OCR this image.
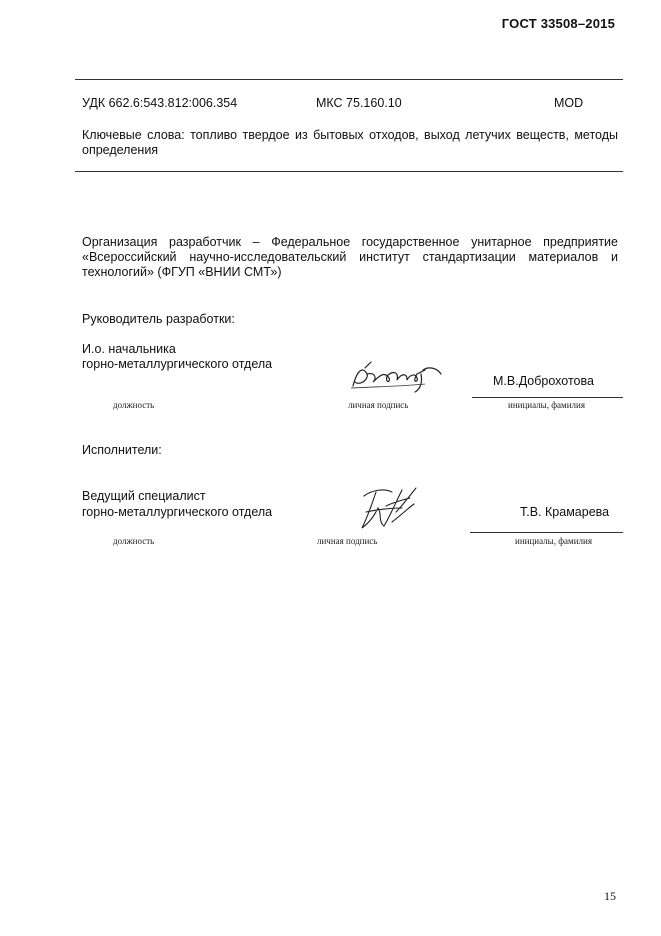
ГОСТ 33508–2015
УДК 662.6:543.812:006.354	МКС 75.160.10	MOD
Ключевые слова: топливо твердое из бытовых отходов, выход летучих веществ, методы определения
Организация разработчик – Федеральное государственное унитарное предприятие «Всероссийский научно-исследовательский институт стандартизации материалов и технологий» (ФГУП «ВНИИ СМТ»)
Руководитель разработки:
И.о. начальника
горно-металлургического отдела
М.В.Доброхотова
должность	личная подпись	инициалы, фамилия
Исполнители:
Ведущий специалист
горно-металлургического отдела	Т.В. Крамарева
должность	личная подпись	инициалы, фамилия
15
